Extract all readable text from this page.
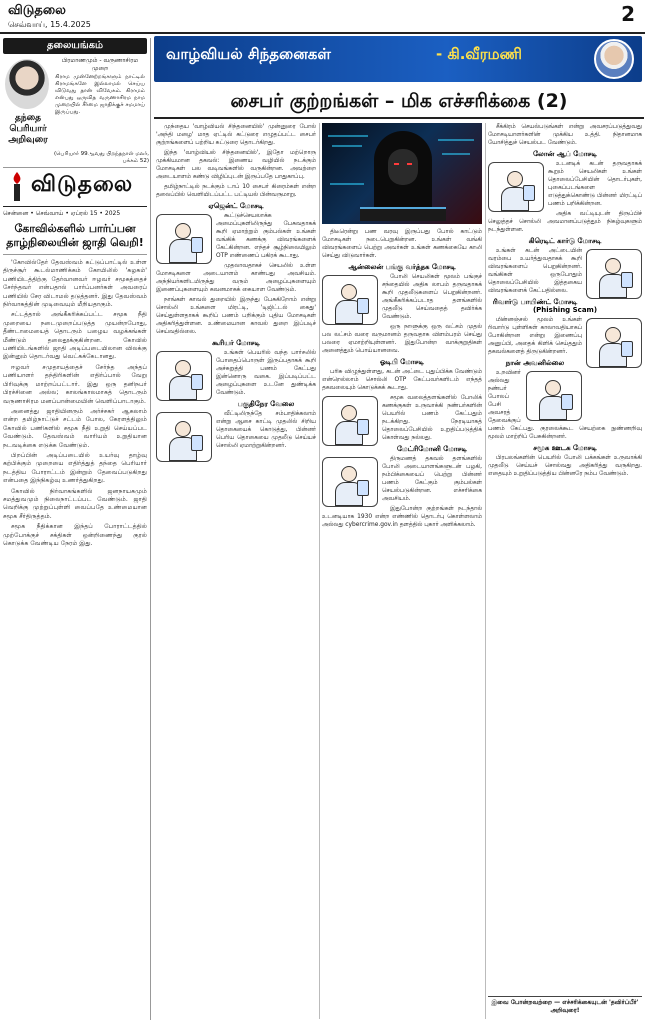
விடுதலை
செவ்வாய், 15.4.2025	2
தலையங்கம்
தந்தை பெரியார் அறிவுரை
பிரமாணமும் - வருணாசிரம முறை
கிராம முன்னேற்றங்களும் நாட்டில் கிராமங்களே இல்லாமல் செய்ய விடுவது தான் விவேகம். கிராமம் என்பது ஒருவித வருணாசிரம நாம முறையில் சீர்மை ஜாதிக்குச் சமமாய் இருப்பது.
(பெரியார் 99ஆவது பிறந்தநாள் மலர், பக்கம் 52)
விடுதலை
சென்னை • செவ்வாய் • ஏப்ரல் 15 • 2025
கோவில்களில் பார்ப்பன தாழ்நிலையின் ஜாதி வெறி!

'கோவில்தேர் தேவஸ்வம் கட்டுப்பாட்டில் உள்ள திருச்சூர் கூடல்மாணிக்கம் கோயிலில் 'கழகம்' பணியிடத்திற்கு தேர்வானவர் ஈழவர் சமூகத்தைச் சேர்ந்தவர் என்பதால் பார்ப்பனர்கள் அவரைப் பணியில் சேர விடாமல் தடுத்தனர். இது தேவஸ்வம் நிர்வாகத்தின் முடிவையும் மீறியதாகும்.

சட்டத்தால் அங்கீகரிக்கப்பட்ட சமூக நீதி முறையை நடைமுறைப்படுத்த முயன்றபோது, தீண்டாமையைத் தொடரும் பழைய வழக்கங்கள் மீண்டும் தலைதூக்குகின்றன. கோவில் பணியிடங்களில் ஜாதி அடிப்படையிலான விலக்கு இன்னும் தொடர்வது வெட்கக்கேடானது.

ஈழவர் சமுதாயத்தைச் சேர்ந்த அந்தப் பணியாளர் தந்திரிகளின் எதிர்ப்பால் வேறு பிரிவுக்கு மாற்றப்பட்டார். இது ஒரு தனிநபர் பிரச்சினை அல்ல; காலங்காலமாகத் தொடரும் வருணாசிரம மனப்பான்மையின் வெளிப்பாடாகும்.

அனைத்து ஜாதியினரும் அர்ச்சகர் ஆகலாம் என்ற தமிழ்நாட்டுச் சட்டம் போல, கேரளத்திலும் கோவில் பணிகளில் சமூக நீதி உறுதி செய்யப்பட வேண்டும். தேவஸ்வம் வாரியம் உறுதியான நடவடிக்கை எடுக்க வேண்டும்.

பிறப்பின் அடிப்படையில் உயர்வு தாழ்வு கற்பிக்கும் முறையை எதிர்த்துத் தந்தை பெரியார் நடத்திய போராட்டம் இன்றும் தேவைப்படுகிறது என்பதை இந்நிகழ்வு உணர்த்துகிறது.

கோவில் நிர்வாகங்களில் ஜனநாயகமும் சமத்துவமும் நிலைநாட்டப்பட வேண்டும். ஜாதி வெறிக்கு முற்றுப்புள்ளி வைப்பதே உண்மையான சமூக சீர்திருத்தம்.

சமூக நீதிக்கான இந்தப் போராட்டத்தில் முற்போக்குச் சக்திகள் ஒன்றிணைந்து குரல் கொடுக்க வேண்டிய நேரம் இது.

வாழ்வியல் சிந்தனைகள்	- கி.வீரமணி
சைபர் குற்றங்கள் – மிக எச்சரிக்கை (2)

முந்தைய 'வாழ்வியல் சிந்தனையில்' முன்னுரை போல் 'அந்தி மழை' மாத ஏட்டில் கட்டுரை எழுதப்பட்ட சைபர் குற்றங்களைப் பற்றிய கட்டுரை தொடர்கிறது.

இந்த 'வாழ்வியல் சிந்தனையில்', இதோ மற்றொரு முக்கியமான தகவல்: இணைய வழியில் நடக்கும் மோசடிகள் பல வடிவங்களில் வருகின்றன. அவற்றை அடையாளம் கண்டு விழிப்புடன் இருப்பதே பாதுகாப்பு.

தமிழ்நாட்டில் நடக்கும் டாப் 10 சைபர் கிரைம்கள் என்ற தலைப்பில் வெளியிடப்பட்ட பட்டியல் பின்வருமாறு.

ஏஜென்ட் மோசடி

கூட்டுச்செயலாக்க அமைப்புகளிலிருந்து பேசுவதாகக் கூறி ஏமாற்றும் கும்பல்கள் உங்கள் வங்கிக் கணக்கு விவரங்களைக் கேட்கின்றன. எந்தச் சூழ்நிலையிலும் OTP எண்ணைப் பகிரக் கூடாது.

முதலாவதாகச் செயலில் உள்ள மோசடிகளை அடையாளம் காண்பது அவசியம். அந்நியர்களிடமிருந்து வரும் அழைப்புகளையும் இணைப்புகளையும் கவனமாகக் கையாள வேண்டும்.

நாங்கள் காவல் துறையில் இருந்து பேசுகிறோம் என்று சொல்லி உங்களை மிரட்டி, 'டிஜிட்டல் கைது' செய்துள்ளதாகக் கூறிப் பணம் பறிக்கும் புதிய மோசடிகள் அதிகரித்துள்ளன. உண்மையான காவல் துறை இப்படிச் செய்வதில்லை.

கூரியர் மோசடி

உங்கள் பெயரில் வந்த பார்சலில் போதைப்பொருள் இருப்பதாகக் கூறி அச்சுறுத்தி பணம் கேட்பது இன்னொரு வகை. இப்படிப்பட்ட அழைப்புகளை உடனே துண்டிக்க வேண்டும்.

பகுதிநேர வேலை

வீட்டிலிருந்தே சம்பாதிக்கலாம் என்று ஆசை காட்டி முதலில் சிறிய தொகையைக் கொடுத்து, பின்னர் பெரிய தொகையை முதலீடு செய்யச் சொல்லி ஏமாற்றுகின்றனர்.

திடீரென்று பண வரவு இருப்பது போல் காட்டும் மோசடிகள் நடைபெறுகின்றன. உங்கள் வங்கி விவரங்களைப் பெற்று அவர்கள் உங்கள் கணக்கையே காலி செய்து விடுவார்கள்.

ஆன்லைன் பங்கு வர்த்தக மோசடி

போலி செயலிகள் மூலம் பங்குச் சந்தையில் அதிக லாபம் தருவதாகக் கூறி முதலீடுகளைப் பெறுகின்றனர். அங்கீகரிக்கப்படாத தளங்களில் முதலீடு செய்வதைத் தவிர்க்க வேண்டும்.

ஒரு நாளுக்கு ஒரு லட்சம் முதல் பல லட்சம் வரை வருமானம் தருவதாக விளம்பரம் செய்து பலரை ஏமாற்றியுள்ளனர். இதுபோன்ற வாக்குறுதிகள் அனைத்தும் பொய்யானவை.

ஓடிபி மோசடி

பரிசு விழுந்துள்ளது, கடன் அட்டை புதுப்பிக்க வேண்டும் என்றெல்லாம் சொல்லி OTP கேட்பவர்களிடம் எந்தத் தகவலையும் கொடுக்கக் கூடாது.

சமூக வலைத்தளங்களில் போலிக் கணக்குகள் உருவாக்கி நண்பர்களின் பெயரில் பணம் கேட்பதும் நடக்கிறது. நேரடியாகத் தொலைப்பேசியில் உறுதிப்படுத்திக் கொள்வது நல்லது.

மேட்ரிமோனி மோசடி

திருமணத் தகவல் தளங்களில் போலி அடையாளங்களுடன் பழகி, நம்பிக்கையைப் பெற்று பின்னர் பணம் கேட்கும் கும்பல்கள் செயல்படுகின்றன. எச்சரிக்கை அவசியம்.

இதுபோன்ற குற்றங்கள் நடந்தால் உடனடியாக 1930 என்ற எண்ணில் தொடர்பு கொள்ளலாம் அல்லது cybercrime.gov.in தளத்தில் புகார் அளிக்கலாம்.

சீக்கிரம் செயல்படுங்கள் என்று அவசரப்படுத்துவது மோசடியாளர்களின் முக்கிய உத்தி. நிதானமாக யோசித்துச் செயல்பட வேண்டும்.

லோன் ஆப் மோசடி

உடனடிக் கடன் தருவதாகக் கூறும் செயலிகள் உங்கள் தொலைப்பேசியின் தொடர்புகள், புகைப்படங்களை எடுத்துக்கொண்டு பின்னர் மிரட்டிப் பணம் பறிக்கின்றன.

அதிக வட்டியுடன் திருப்பிச் செலுத்தச் சொல்லி அவமானப்படுத்தும் நிகழ்வுகளும் நடந்துள்ளன.

கிரெடிட் கார்டு மோசடி

உங்கள் கடன் அட்டையின் வரம்பை உயர்த்துவதாகக் கூறி விவரங்களைப் பெறுகின்றனர். வங்கிகள் ஒருபோதும் தொலைப்பேசியில் இத்தகைய விவரங்களைக் கேட்பதில்லை.

ரிவார்டு பாயிண்ட் மோசடி (Phishing Scam)

மின்னஞ்சல் மூலம் உங்கள் ரிவார்டு புள்ளிகள் காலாவதியாகப் போகின்றன என்று இணைப்பு அனுப்பி, அதைக் கிளிக் செய்ததும் தகவல்களைத் திருடுகின்றனர்.

நான் அவனில்லை

உறவினர் அல்லது நண்பர் போலப் பேசி அவசரத் தேவைக்குப் பணம் கேட்பது. குரலைக்கூட செயற்கை நுண்ணறிவு மூலம் மாற்றிப் பேசுகின்றனர்.

சமூக ஊடக மோசடி

பிரபலங்களின் பெயரில் போலி பக்கங்கள் உருவாக்கி முதலீடு செய்யச் சொல்வது அதிகரித்து வருகிறது. எதையும் உறுதிப்படுத்திய பின்னரே நம்ப வேண்டும்.

இவை போன்றவற்றை — எச்சரிக்கையுடன் 'தவிர்ப்பீர்' அறிவுரை!
